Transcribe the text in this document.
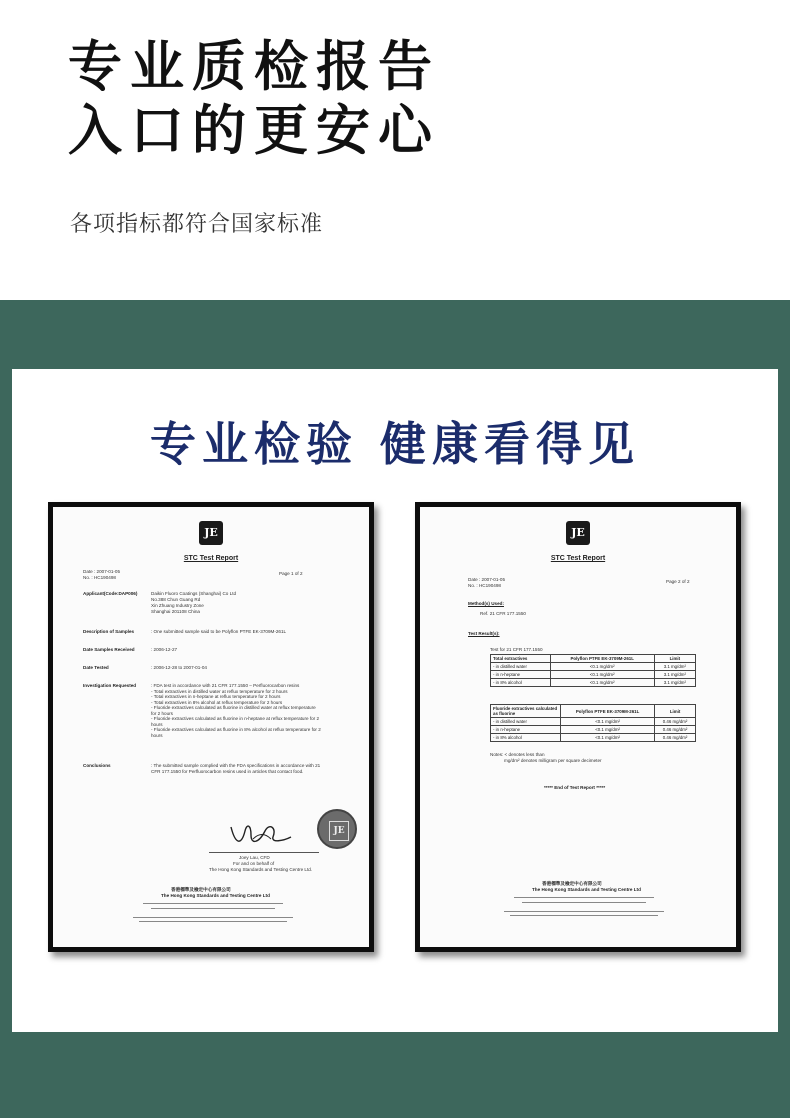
专业质检报告
入口的更安心
各项指标都符合国家标准
专业检验 健康看得见
JE
STC Test Report
Date : 2007-01-05
No. : HC190498
Page 1 of 2
Applicant(Code:DAP006)	Daikin Fluoro Coatings (Shanghai) Co Ltd
No.388 Chun Guang Rd
Xin Zhuang Industry Zone
Shanghai 201108 China
Description of Samples	: One submitted sample said to be Polyflon PTFE EK-3709M-261L
Date Samples Received	: 2006-12-27
Date Tested	: 2006-12-28 to 2007-01-04
Investigation Requested	: FDA test in accordance with 21 CFR 177.1550 – Perfluorocarbon resins
- Total extractives in distilled water at reflux temperature for 2 hours
- Total extractives in n-heptane at reflux temperature for 2 hours
- Total extractives in 8% alcohol at reflux temperature for 2 hours
- Fluoride extractives calculated as fluorine in distilled water at reflux temperature for 2 hours
- Fluoride extractives calculated as fluorine in n-heptane at reflux temperature for 2 hours
- Fluoride extractives calculated as fluorine in 8% alcohol at reflux temperature for 2 hours
Conclusions	: The submitted sample complied with the FDA specifications in accordance with 21 CFR 177.1550 for Perfluorocarbon resins used in articles that contact food.
JE
Joey Lau, CFD
For and on behalf of
The Hong Kong Standards and Testing Centre Ltd.
香港標準及檢定中心有限公司
The Hong Kong Standards and Testing Centre Ltd
JE
STC Test Report
Date : 2007-01-05
No. : HC190498
Page 2 of 2
Method(s) Used:
Ref. 21 CFR 177.1550
Test Result(s):
Test for 21 CFR 177.1550
Total extractives	Polyflon PTFE EK-3709M-261L	Limit
- in distilled water	<0.1 mg/dm²	3.1 mg/dm²
- in n-heptane	<0.1 mg/dm²	3.1 mg/dm²
- in 8% alcohol	<0.1 mg/dm²	3.1 mg/dm²
Fluoride extractives calculated as fluorine	Polyflon PTFE EK-3709M-261L	Limit
- in distilled water	<0.1 mg/dm²	0.46 mg/dm²
- in n-heptane	<0.1 mg/dm²	0.46 mg/dm²
- in 8% alcohol	<0.1 mg/dm²	0.46 mg/dm²
Notes: < denotes less than
mg/dm² denotes milligram per square decimeter
***** End of Test Report *****
香港標準及檢定中心有限公司
The Hong Kong Standards and Testing Centre Ltd
